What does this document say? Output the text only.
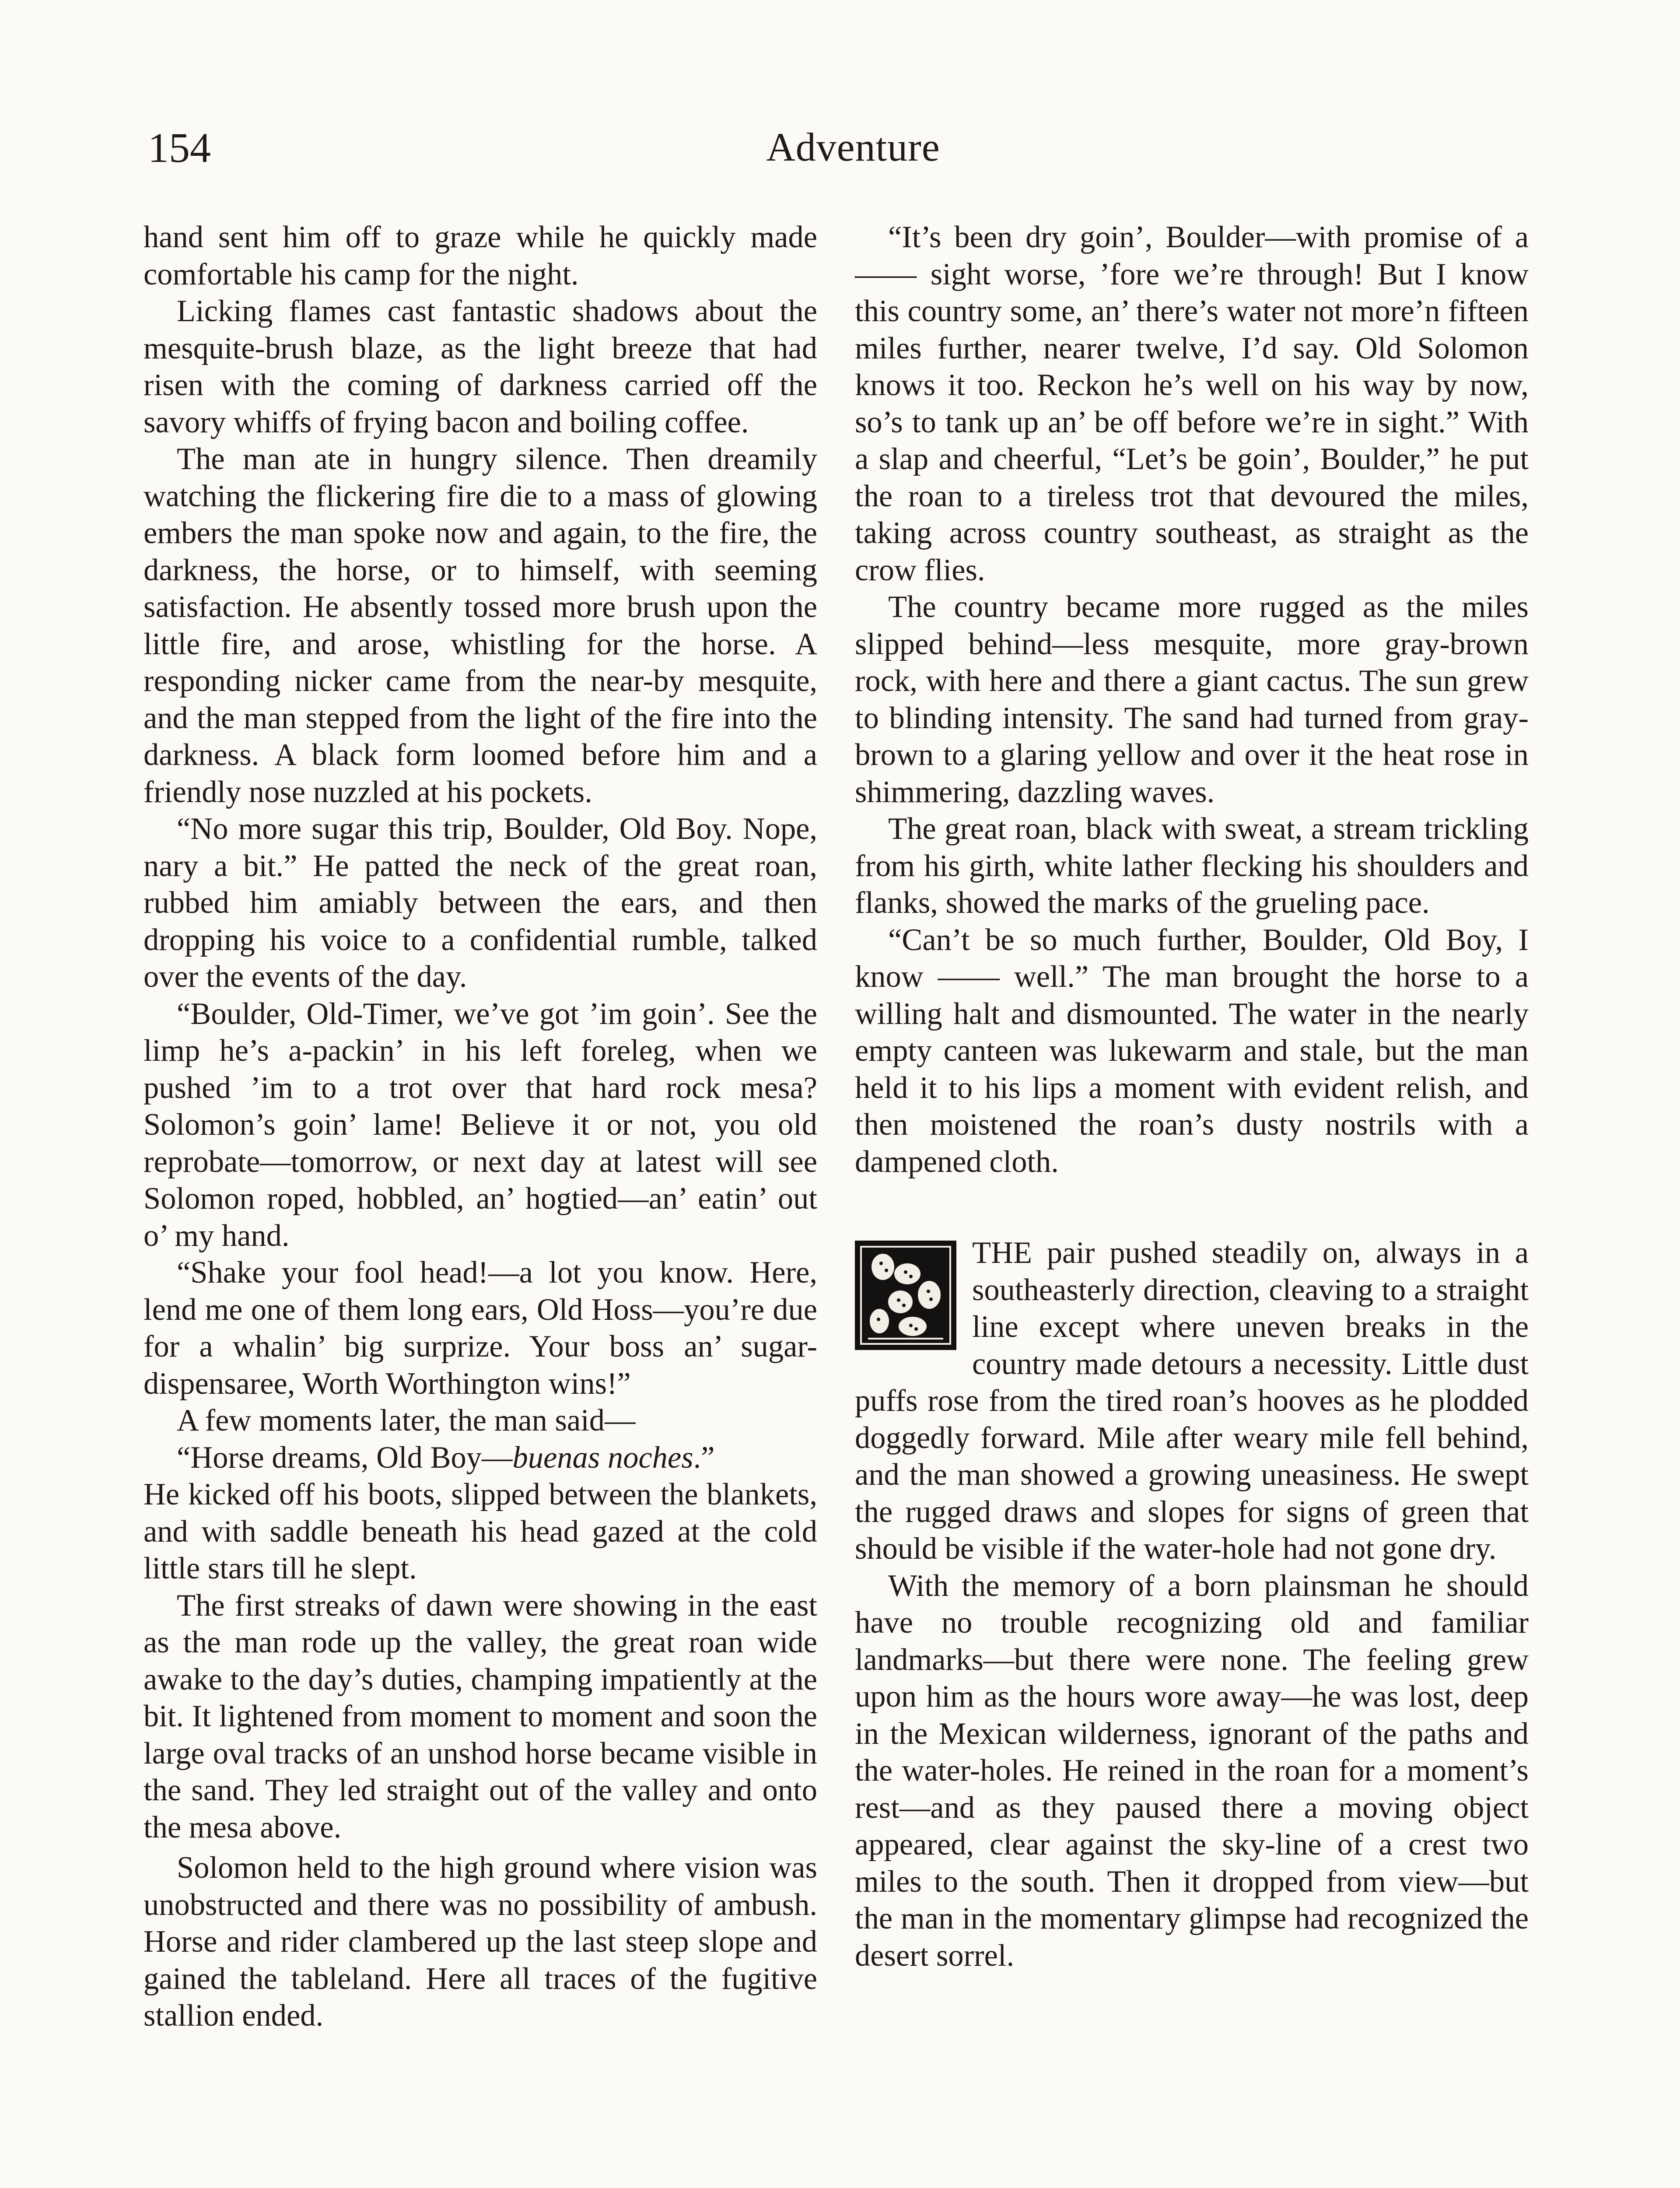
154	Adventure

hand sent him off to graze while he quickly made comfortable his camp for the night.

Licking flames cast fantastic shadows about the mesquite-brush blaze, as the light breeze that had risen with the coming of darkness carried off the savory whiffs of frying bacon and boiling coffee.

The man ate in hungry silence. Then dreamily watching the flickering fire die to a mass of glowing embers the man spoke now and again, to the fire, the darkness, the horse, or to himself, with seeming satisfaction. He absently tossed more brush upon the little fire, and arose, whistling for the horse. A responding nicker came from the near-by mesquite, and the man stepped from the light of the fire into the darkness. A black form loomed before him and a friendly nose nuzzled at his pockets.

“No more sugar this trip, Boulder, Old Boy. Nope, nary a bit.” He patted the neck of the great roan, rubbed him amiably between the ears, and then dropping his voice to a confidential rumble, talked over the events of the day.

“Boulder, Old-Timer, we’ve got ’im goin’. See the limp he’s a-packin’ in his left foreleg, when we pushed ’im to a trot over that hard rock mesa? Solomon’s goin’ lame! Believe it or not, you old reprobate—tomorrow, or next day at latest will see Solomon roped, hobbled, an’ hogtied—an’ eatin’ out o’ my hand.

“Shake your fool head!—a lot you know. Here, lend me one of them long ears, Old Hoss—you’re due for a whalin’ big surprize. Your boss an’ sugar-dispensaree, Worth Worthington wins!”

A few moments later, the man said—

“Horse dreams, Old Boy—buenas noches.”

He kicked off his boots, slipped between the blankets, and with saddle beneath his head gazed at the cold little stars till he slept.

The first streaks of dawn were showing in the east as the man rode up the valley, the great roan wide awake to the day’s duties, champing impatiently at the bit. It lightened from moment to moment and soon the large oval tracks of an unshod horse became visible in the sand. They led straight out of the valley and onto the mesa above.

Solomon held to the high ground where vision was unobstructed and there was no possibility of ambush. Horse and rider clambered up the last steep slope and gained the tableland. Here all traces of the fugitive stallion ended.

“It’s been dry goin’, Boulder—with promise of a —— sight worse, ’fore we’re through! But I know this country some, an’ there’s water not more’n fifteen miles further, nearer twelve, I’d say. Old Solomon knows it too. Reckon he’s well on his way by now, so’s to tank up an’ be off before we’re in sight.” With a slap and cheerful, “Let’s be goin’, Boulder,” he put the roan to a tireless trot that devoured the miles, taking across country southeast, as straight as the crow flies.

The country became more rugged as the miles slipped behind—less mesquite, more gray-brown rock, with here and there a giant cactus. The sun grew to blinding intensity. The sand had turned from gray-brown to a glaring yellow and over it the heat rose in shimmering, dazzling waves.

The great roan, black with sweat, a stream trickling from his girth, white lather flecking his shoulders and flanks, showed the marks of the grueling pace.

“Can’t be so much further, Boulder, Old Boy, I know —— well.” The man brought the horse to a willing halt and dismounted. The water in the nearly empty canteen was lukewarm and stale, but the man held it to his lips a moment with evident relish, and then moistened the roan’s dusty nostrils with a dampened cloth.

THE pair pushed steadily on, always in a southeasterly direction, cleaving to a straight line except where uneven breaks in the country made detours a necessity. Little dust puffs rose from the tired roan’s hooves as he plodded doggedly forward. Mile after weary mile fell behind, and the man showed a growing uneasiness. He swept the rugged draws and slopes for signs of green that should be visible if the water-hole had not gone dry.

With the memory of a born plainsman he should have no trouble recognizing old and familiar landmarks—but there were none. The feeling grew upon him as the hours wore away—he was lost, deep in the Mexican wilderness, ignorant of the paths and the water-holes. He reined in the roan for a moment’s rest—and as they paused there a moving object appeared, clear against the sky-line of a crest two miles to the south. Then it dropped from view—but the man in the momentary glimpse had recognized the desert sorrel.
